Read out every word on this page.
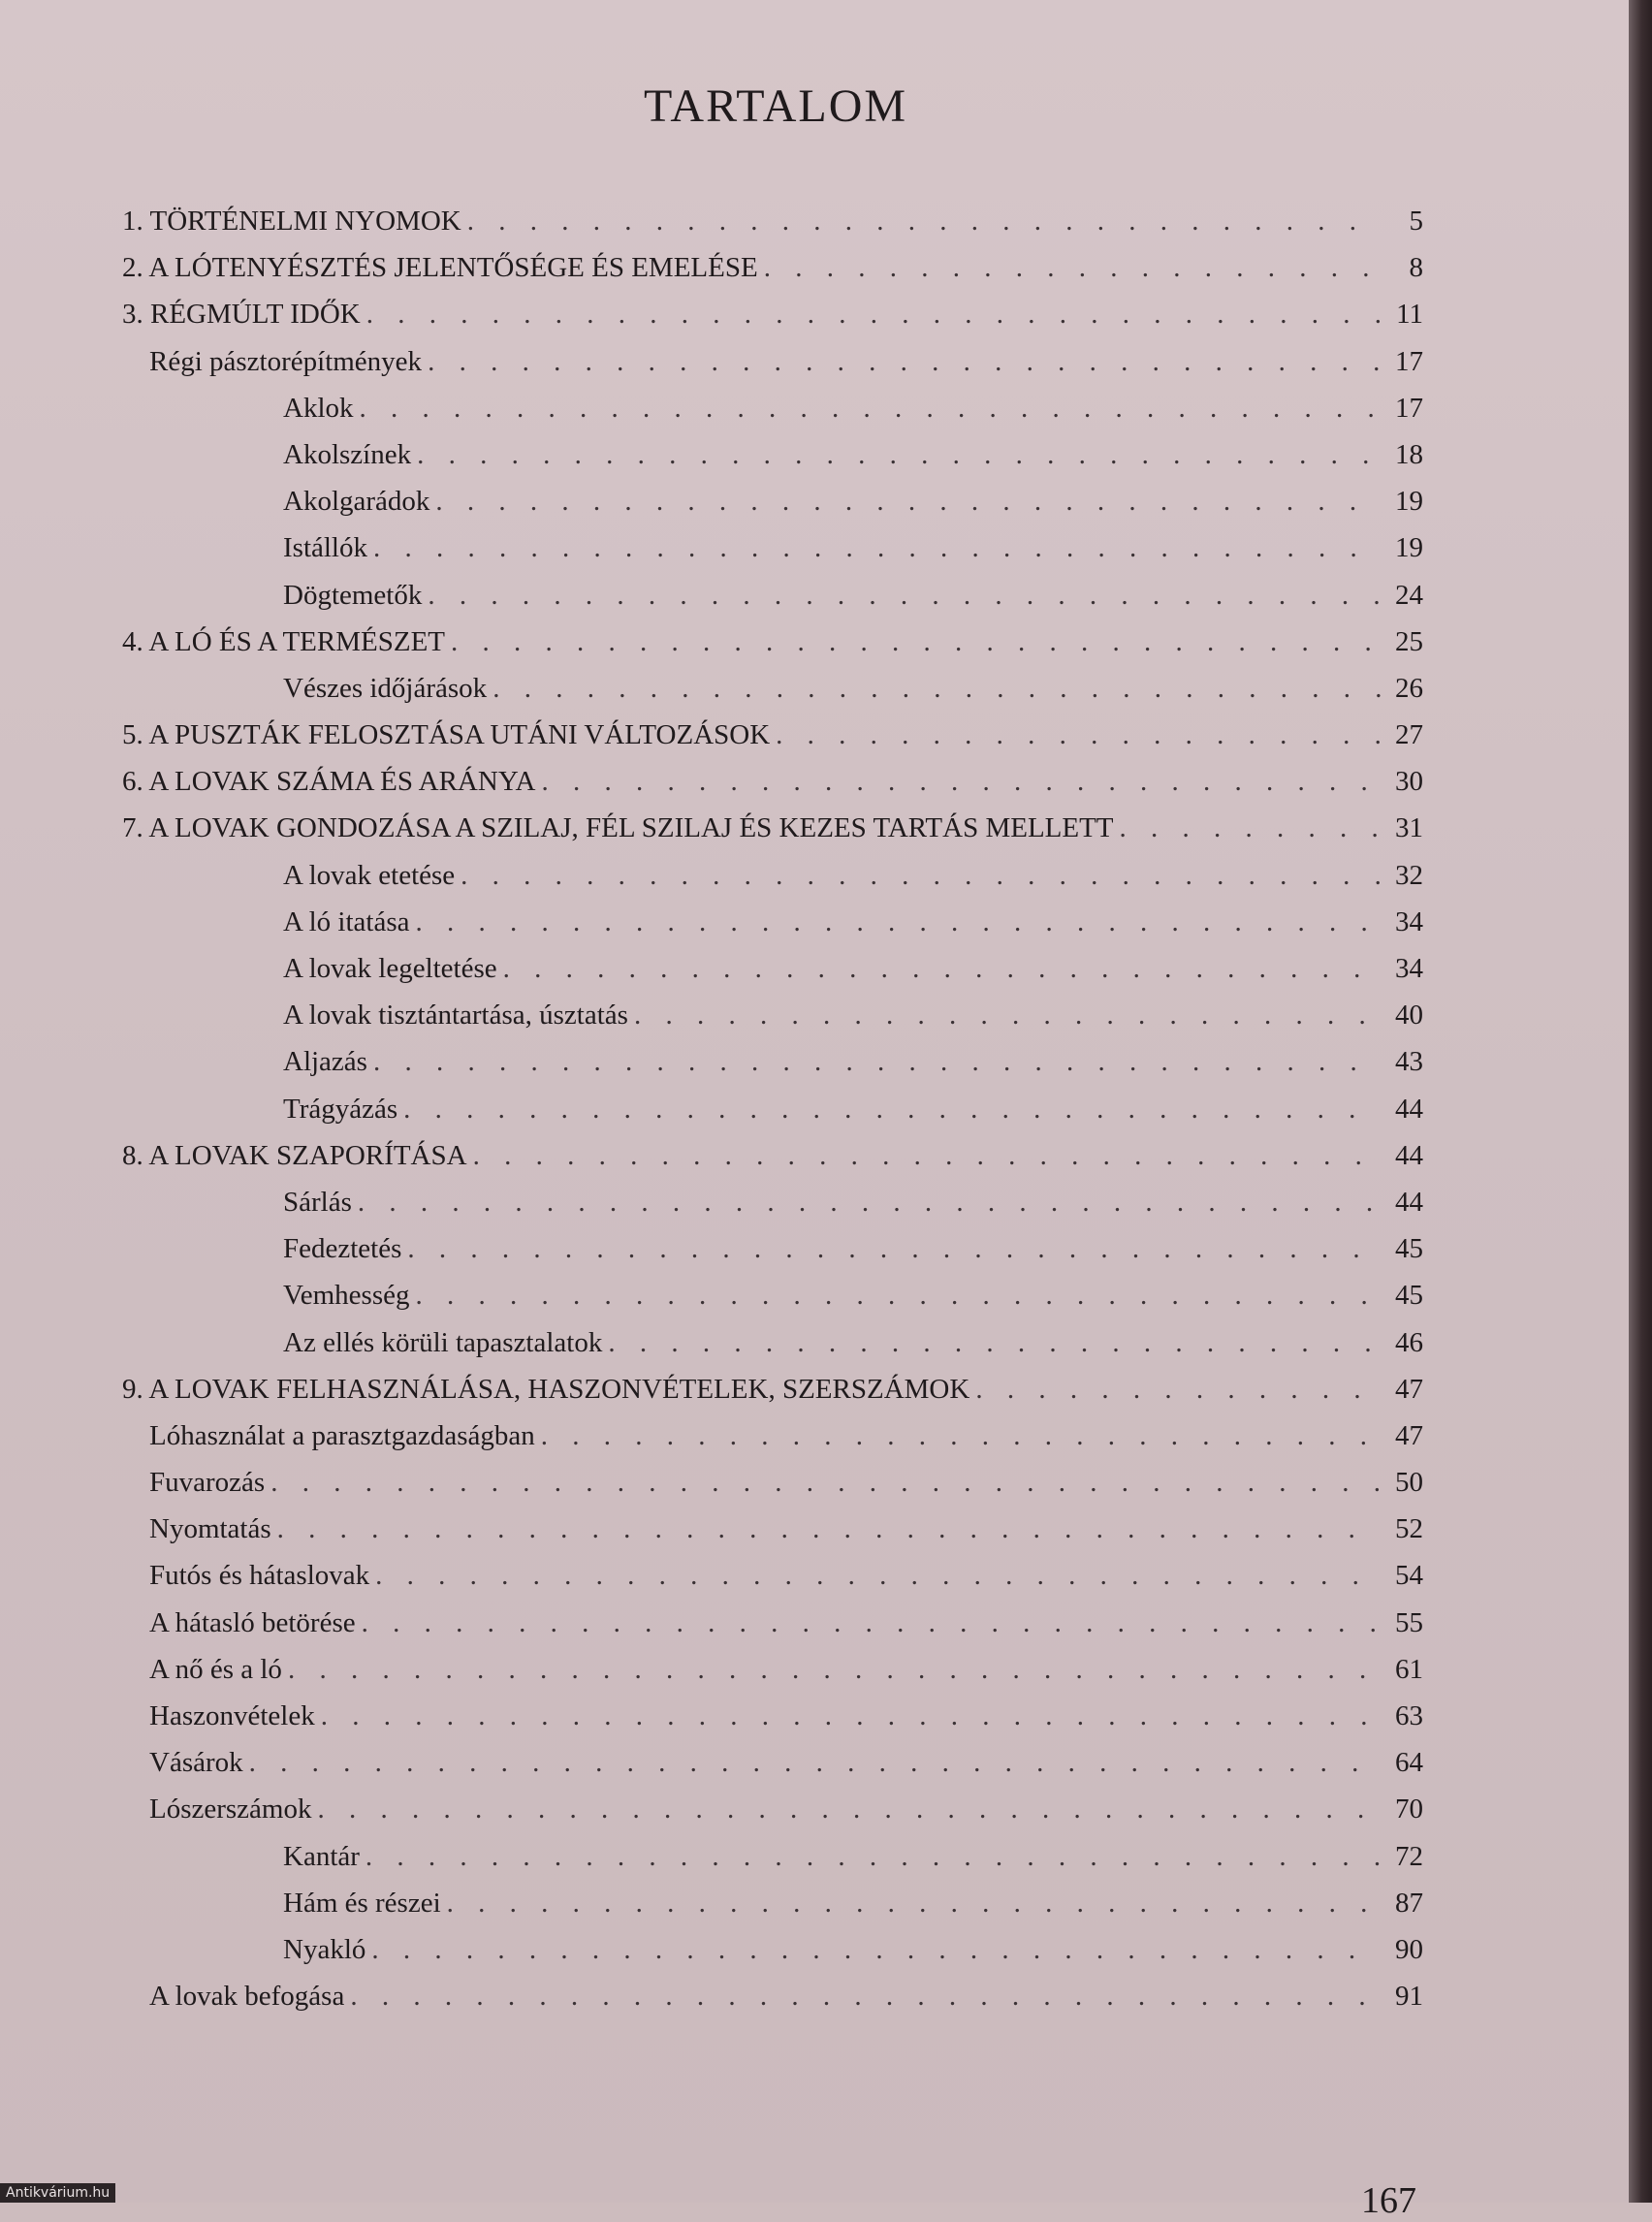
TARTALOM
1. TÖRTÉNELMI NYOMOK . . .	5
2. A LÓTENYÉSZTÉS JELENTŐSÉGE ÉS EMELÉSE . . .	8
3. RÉGMÚLT IDŐK . . .	11
Régi pásztorépítmények . . .	17
Aklok . . .	17
Akolszínek . . .	18
Akolgarádok . . .	19
Istállók . . .	19
Dögtemetők . . .	24
4. A LÓ ÉS A TERMÉSZET . . .	25
Vészes időjárások . . .	26
5. A PUSZTÁK FELOSZTÁSA UTÁNI VÁLTOZÁSOK . . .	27
6. A LOVAK SZÁMA ÉS ARÁNYA . . .	30
7. A LOVAK GONDOZÁSA A SZILAJ, FÉL SZILAJ ÉS KEZES TARTÁS MELLETT . . .	31
A lovak etetése . . .	32
A ló itatása . . .	34
A lovak legeltetése . . .	34
A lovak tisztántartása, úsztatás . . .	40
Aljazás . . .	43
Trágyázás . . .	44
8. A LOVAK SZAPORÍTÁSA . . .	44
Sárlás . . .	44
Fedeztetés . . .	45
Vemhesség . . .	45
Az ellés körüli tapasztalatok . . .	46
9. A LOVAK FELHASZNÁLÁSA, HASZONVÉTELEK, SZERSZÁMOK . . .	47
Lóhasználat a parasztgazdaságban . . .	47
Fuvarozás . . .	50
Nyomtatás . . .	52
Futós és hátaslovak . . .	54
A hátasló betörése . . .	55
A nő és a ló . . .	61
Haszonvételek . . .	63
Vásárok . . .	64
Lószerszámok . . .	70
Kantár . . .	72
Hám és részei . . .	87
Nyakló . . .	90
A lovak befogása . . .	91
167
Antikvárium.hu
